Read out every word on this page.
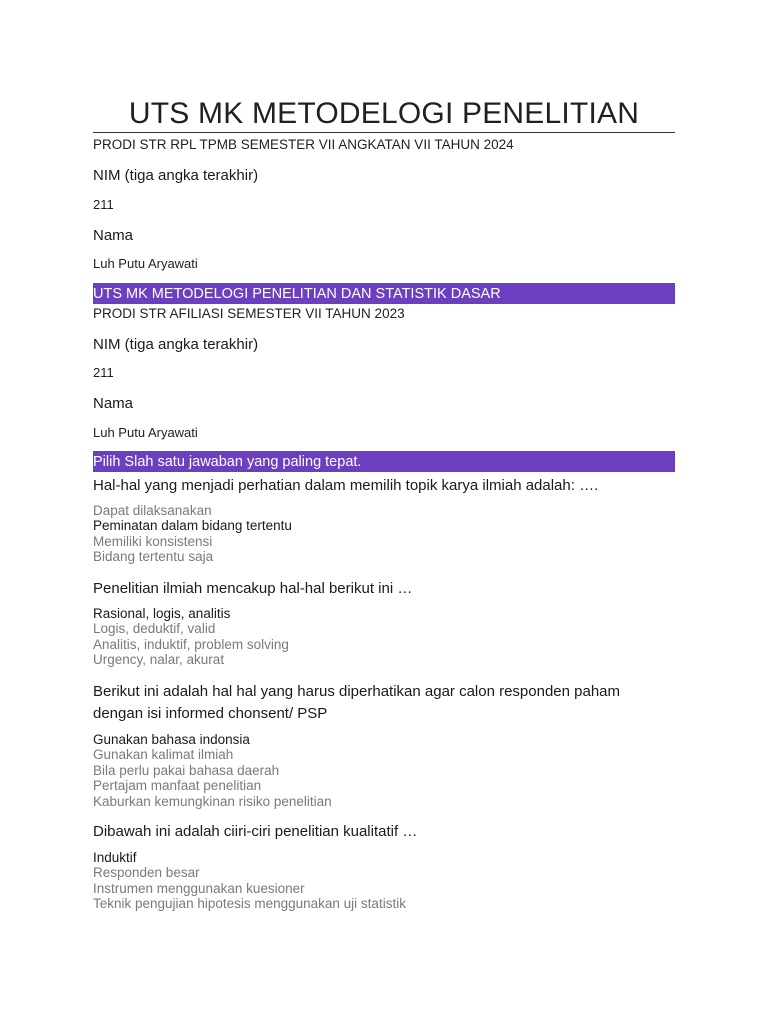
UTS MK METODELOGI PENELITIAN
PRODI STR RPL TPMB SEMESTER VII ANGKATAN VII TAHUN 2024
NIM (tiga angka terakhir)
211
Nama
Luh Putu Aryawati
UTS MK METODELOGI PENELITIAN DAN STATISTIK DASAR
PRODI STR AFILIASI SEMESTER VII TAHUN 2023
NIM (tiga angka terakhir)
211
Nama
Luh Putu Aryawati
Pilih Slah satu jawaban yang paling tepat.
Hal-hal yang menjadi perhatian dalam memilih topik karya ilmiah adalah: ….
Dapat dilaksanakan
Peminatan dalam bidang tertentu
Memiliki konsistensi
Bidang tertentu saja
Penelitian ilmiah mencakup hal-hal berikut ini …
Rasional, logis, analitis
Logis, deduktif, valid
Analitis, induktif, problem solving
Urgency, nalar, akurat
Berikut ini adalah hal hal yang harus diperhatikan agar calon responden paham
dengan isi informed chonsent/ PSP
Gunakan bahasa indonsia
Gunakan kalimat ilmiah
Bila perlu pakai bahasa daerah
Pertajam manfaat penelitian
Kaburkan kemungkinan risiko penelitian
Dibawah ini adalah ciiri-ciri penelitian kualitatif …
Induktif
Responden besar
Instrumen menggunakan kuesioner
Teknik pengujian hipotesis menggunakan uji statistik
